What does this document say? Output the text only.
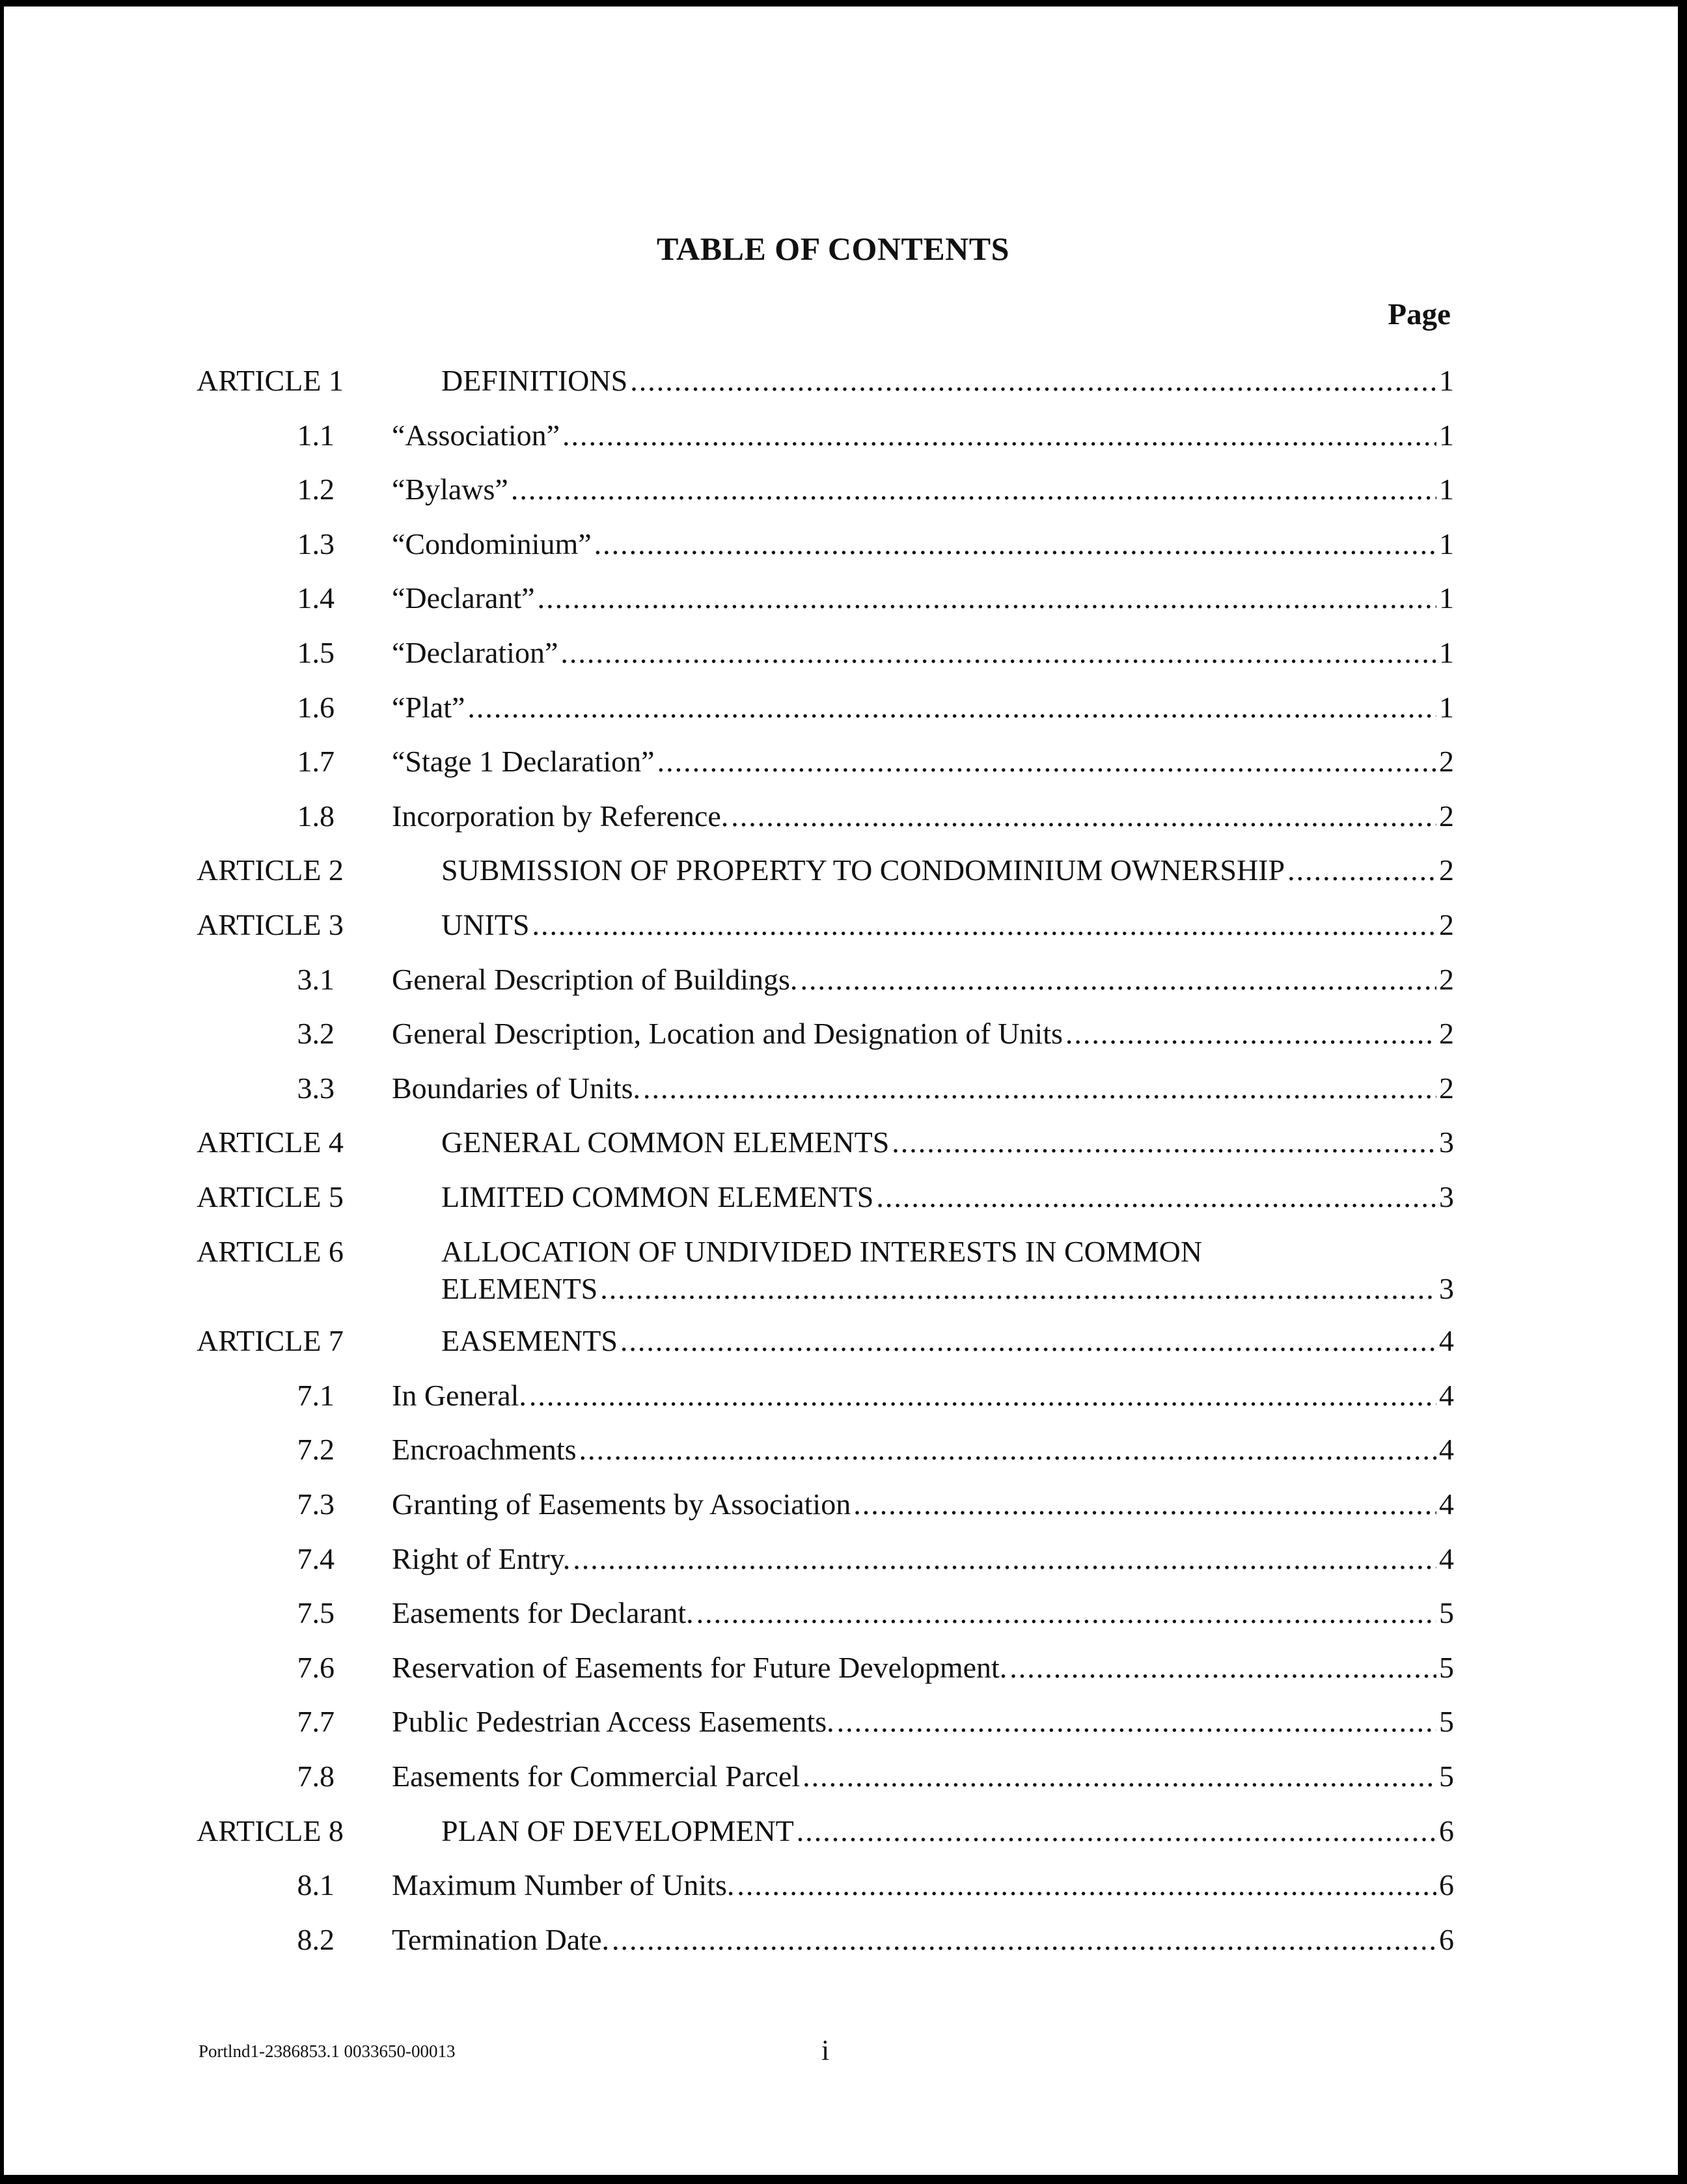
TABLE OF CONTENTS
Page
ARTICLE 1	DEFINITIONS .....	1
1.1 “Association” .....	1
1.2 “Bylaws” .....	1
1.3 “Condominium” .....	1
1.4 “Declarant” .....	1
1.5 “Declaration” .....	1
1.6 “Plat” .....	1
1.7 “Stage 1 Declaration” .....	2
1.8 Incorporation by Reference. .....	2
ARTICLE 2	SUBMISSION OF PROPERTY TO CONDOMINIUM OWNERSHIP .....	2
ARTICLE 3	UNITS .....	2
3.1 General Description of Buildings. .....	2
3.2 General Description, Location and Designation of Units .....	2
3.3 Boundaries of Units. .....	2
ARTICLE 4	GENERAL COMMON ELEMENTS .....	3
ARTICLE 5	LIMITED COMMON ELEMENTS .....	3
ARTICLE 6	ALLOCATION OF UNDIVIDED INTERESTS IN COMMON
ELEMENTS .....	3
ARTICLE 7	EASEMENTS .....	4
7.1 In General. .....	4
7.2 Encroachments .....	4
7.3 Granting of Easements by Association .....	4
7.4 Right of Entry. .....	4
7.5 Easements for Declarant. .....	5
7.6 Reservation of Easements for Future Development. .....	5
7.7 Public Pedestrian Access Easements. .....	5
7.8 Easements for Commercial Parcel .....	5
ARTICLE 8	PLAN OF DEVELOPMENT .....	6
8.1 Maximum Number of Units. .....	6
8.2 Termination Date. .....	6
Portlnd1-2386853.1 0033650-00013	i
